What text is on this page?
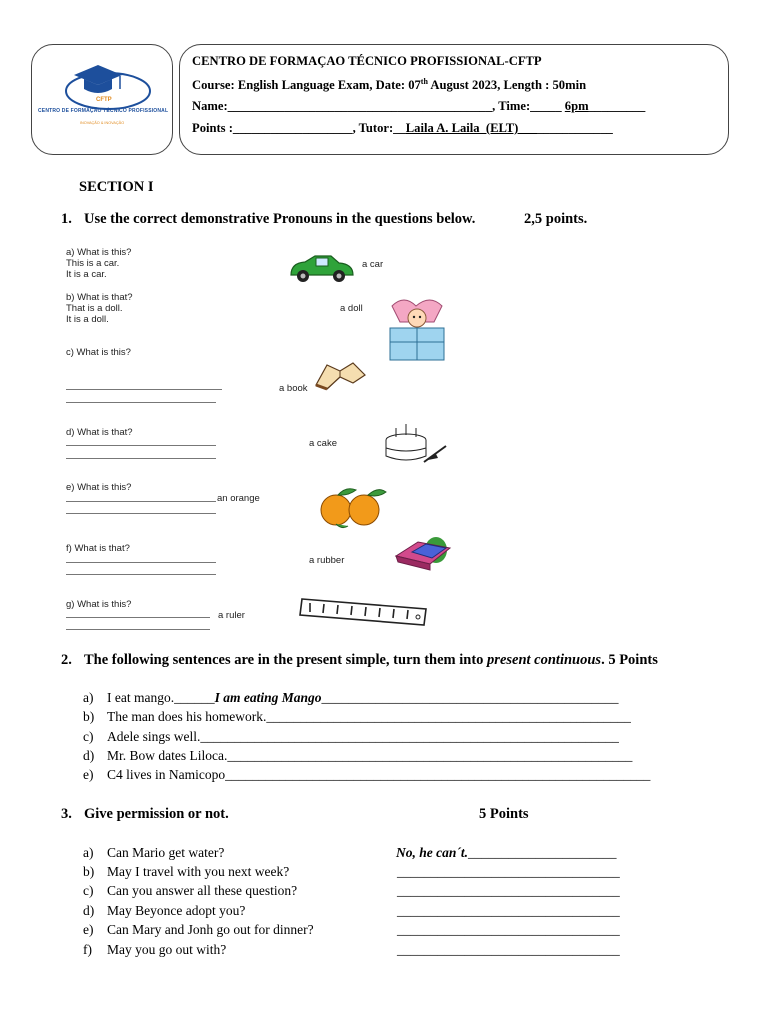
CFTP
CENTRO DE FORMAÇÃO TÉCNICO PROFISSIONAL
INOVAÇÃO & INOVAÇÃO
CENTRO DE FORMAÇAO TÉCNICO PROFISSIONAL-CFTP
Course: English Language Exam, Date: 07th August 2023, Length : 50min
Name:__________________________________________, Time:_____ 6pm_________
Points :___________________, Tutor:__Laila A. Laila_(ELT)_______________
SECTION I
1. Use the correct demonstrative Pronouns in the questions below.	2,5 points.
a) What is this?
This is a car.
It is a car.
a car
b) What is that?
That is a doll.
It is a doll.
a doll
c) What is this?
a book
d) What is that?
a cake
e) What is this?
an orange
f) What is that?
a rubber
g) What is this?
a ruler
2. The following sentences are in the present simple, turn them into present continuous. 5 Points
a) I eat mango.______I am eating Mango____________________________________________
b) The man does his homework.______________________________________________________
c) Adele sings well.______________________________________________________________
d) Mr. Bow dates Liloca.____________________________________________________________
e) C4 lives in Namicopo_______________________________________________________________
3. Give permission or not.	5 Points
a) Can Mario get water?	No, he can´t.______________________
b) May I travel with you next week?	_________________________________
c) Can you answer all these question?	_________________________________
d) May Beyonce adopt you?	_________________________________
e) Can Mary and Jonh go out for dinner?	_________________________________
f) May you go out with?	_________________________________
